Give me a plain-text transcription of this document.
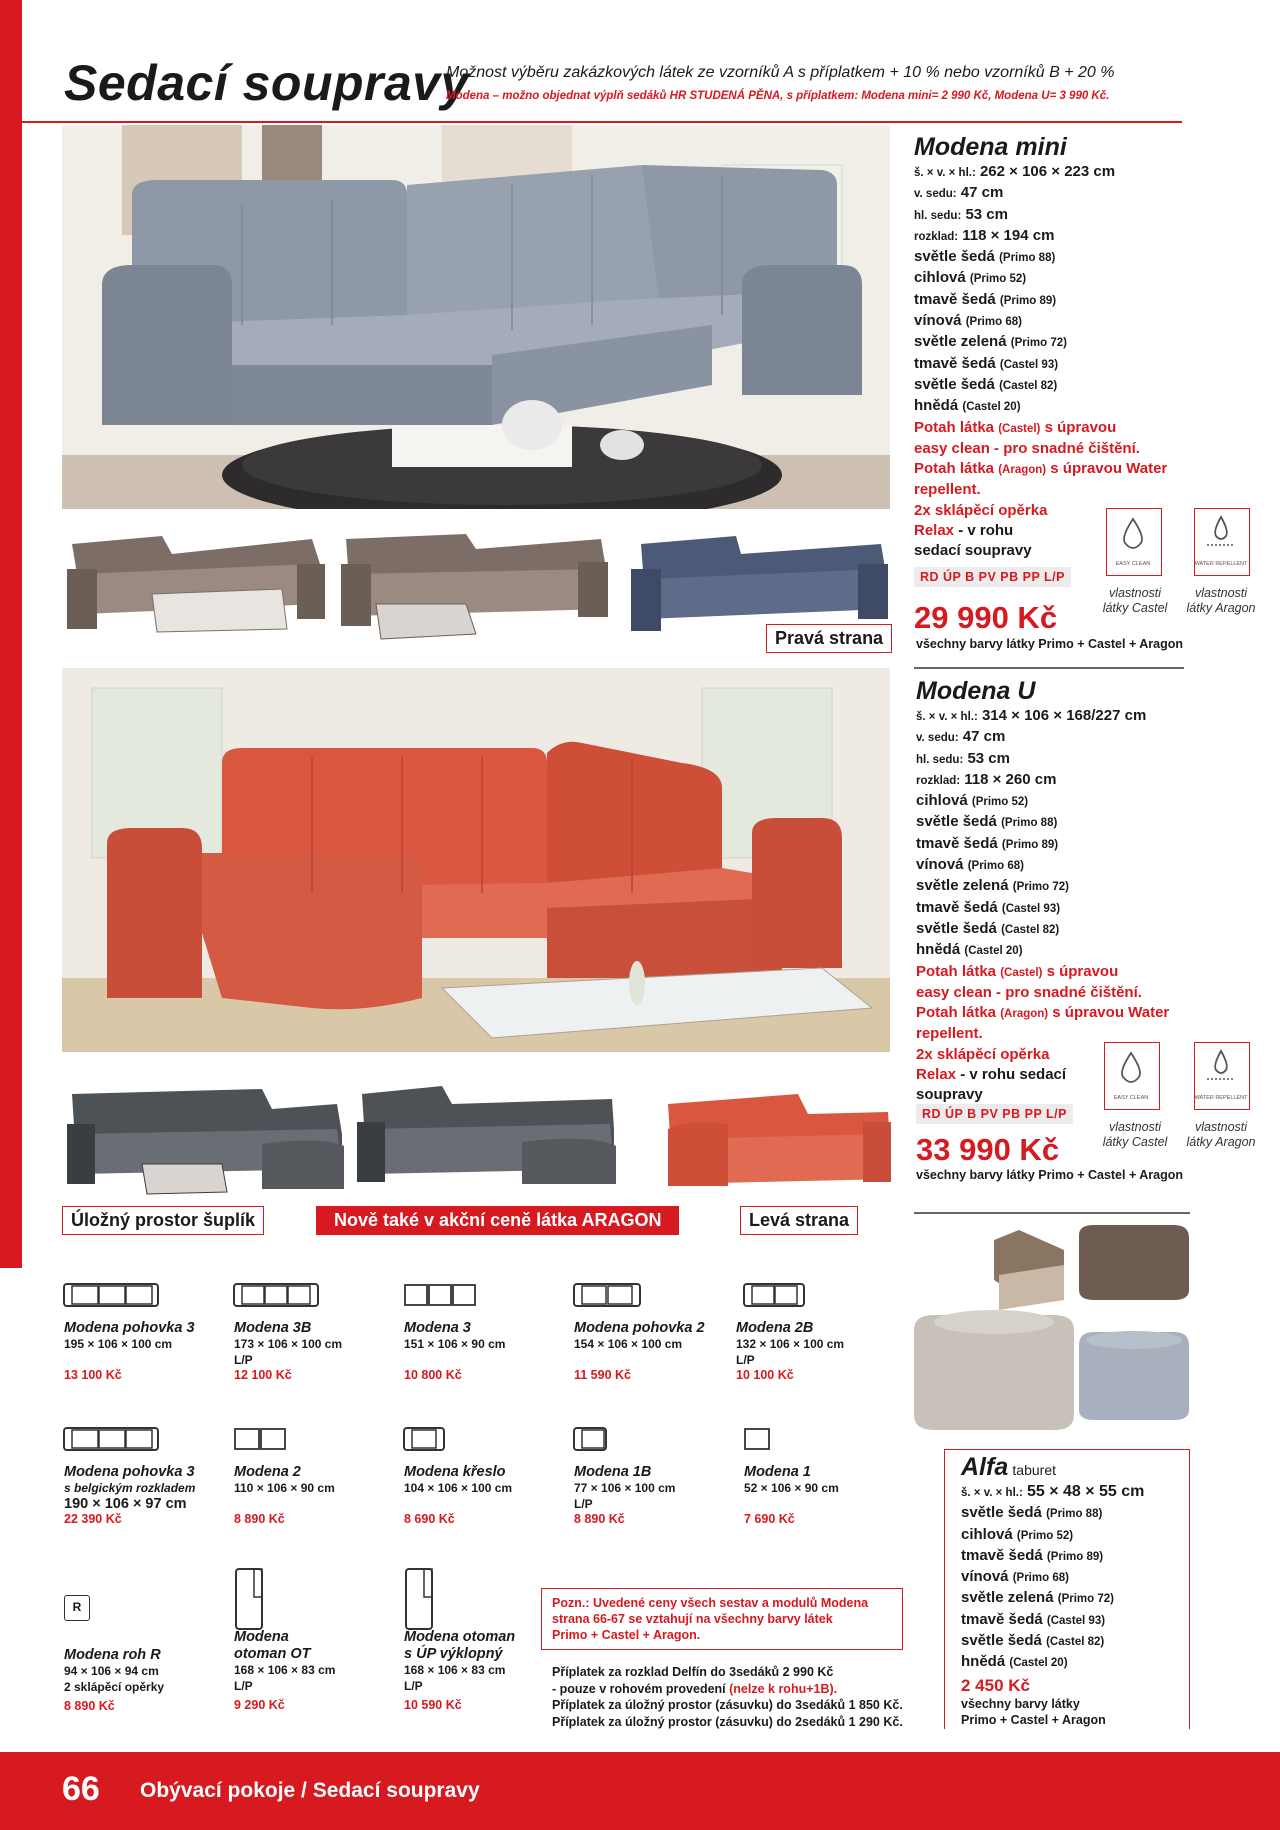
Sedací soupravy
Možnost výběru zakázkových látek ze vzorníků A s příplatkem + 10 % nebo vzorníků B + 20 %
Modena – možno objednat výplň sedáků HR STUDENÁ PĚNA, s příplatkem: Modena mini= 2 990 Kč, Modena U= 3 990 Kč.
Pravá strana
Modena mini
š. × v. × hl.: 262 × 106 × 223 cm
v. sedu: 47 cm
hl. sedu: 53 cm
rozklad: 118 × 194 cm
světle šedá (Primo 88)
cihlová (Primo 52)
tmavě šedá (Primo 89)
vínová (Primo 68)
světle zelená (Primo 72)
tmavě šedá (Castel 93)
světle šedá (Castel 82)
hnědá (Castel 20)
Potah látka (Castel) s úpravou
easy clean - pro snadné čištění.
Potah látka (Aragon) s úpravou Water
repellent.
2x sklápěcí opěrka
Relax - v rohu
sedací soupravy
RD ÚP B PV PB PP L/P
29 990 Kč
všechny barvy látky Primo + Castel + Aragon
EASY CLEAN	WATER REPELLENT
vlastnosti
látky Castel
vlastnosti
látky Aragon
Úložný prostor šuplík	Nově také v akční ceně látka ARAGON	Levá strana
Modena U
š. × v. × hl.: 314 × 106 × 168/227 cm
v. sedu: 47 cm
hl. sedu: 53 cm
rozklad: 118 × 260 cm
cihlová (Primo 52)
světle šedá (Primo 88)
tmavě šedá (Primo 89)
vínová (Primo 68)
světle zelená (Primo 72)
tmavě šedá (Castel 93)
světle šedá (Castel 82)
hnědá (Castel 20)
Potah látka (Castel) s úpravou
easy clean - pro snadné čištění.
Potah látka (Aragon) s úpravou Water
repellent.
2x sklápěcí opěrka
Relax - v rohu sedací
soupravy
RD ÚP B PV PB PP L/P
33 990 Kč
všechny barvy látky Primo + Castel + Aragon
EASY CLEAN	WATER REPELLENT
vlastnosti
látky Castel
vlastnosti
látky Aragon
Modena pohovka 3
195 × 106 × 100 cm
13 100 Kč
Modena 3B
173 × 106 × 100 cm
L/P
12 100 Kč
Modena 3
151 × 106 × 90 cm
10 800 Kč
Modena pohovka 2
154 × 106 × 100 cm
11 590 Kč
Modena 2B
132 × 106 × 100 cm
L/P
10 100 Kč
Modena pohovka 3
s belgickým rozkladem
190 × 106 × 97 cm
22 390 Kč
Modena 2
110 × 106 × 90 cm
8 890 Kč
Modena křeslo
104 × 106 × 100 cm
8 690 Kč
Modena 1B
77 × 106 × 100 cm
L/P
8 890 Kč
Modena 1
52 × 106 × 90 cm
7 690 Kč
R
Modena roh R
94 × 106 × 94 cm
2 sklápěcí opěrky
8 890 Kč
Modena
otoman OT
168 × 106 × 83 cm
L/P
9 290 Kč
Modena otoman
s ÚP výklopný
168 × 106 × 83 cm
L/P
10 590 Kč
Pozn.: Uvedené ceny všech sestav a modulů Modena
strana 66-67 se vztahují na všechny barvy látek
Primo + Castel + Aragon.
Příplatek za rozklad Delfín do 3sedáků 2 990 Kč
- pouze v rohovém provedení (nelze k rohu+1B).
Příplatek za úložný prostor (zásuvku) do 3sedáků 1 850 Kč.
Příplatek za úložný prostor (zásuvku) do 2sedáků 1 290 Kč.
Alfa taburet
š. × v. × hl.: 55 × 48 × 55 cm
světle šedá (Primo 88)
cihlová (Primo 52)
tmavě šedá (Primo 89)
vínová (Primo 68)
světle zelená (Primo 72)
tmavě šedá (Castel 93)
světle šedá (Castel 82)
hnědá (Castel 20)
2 450 Kč
všechny barvy látky
Primo + Castel + Aragon
66 Obývací pokoje / Sedací soupravy
